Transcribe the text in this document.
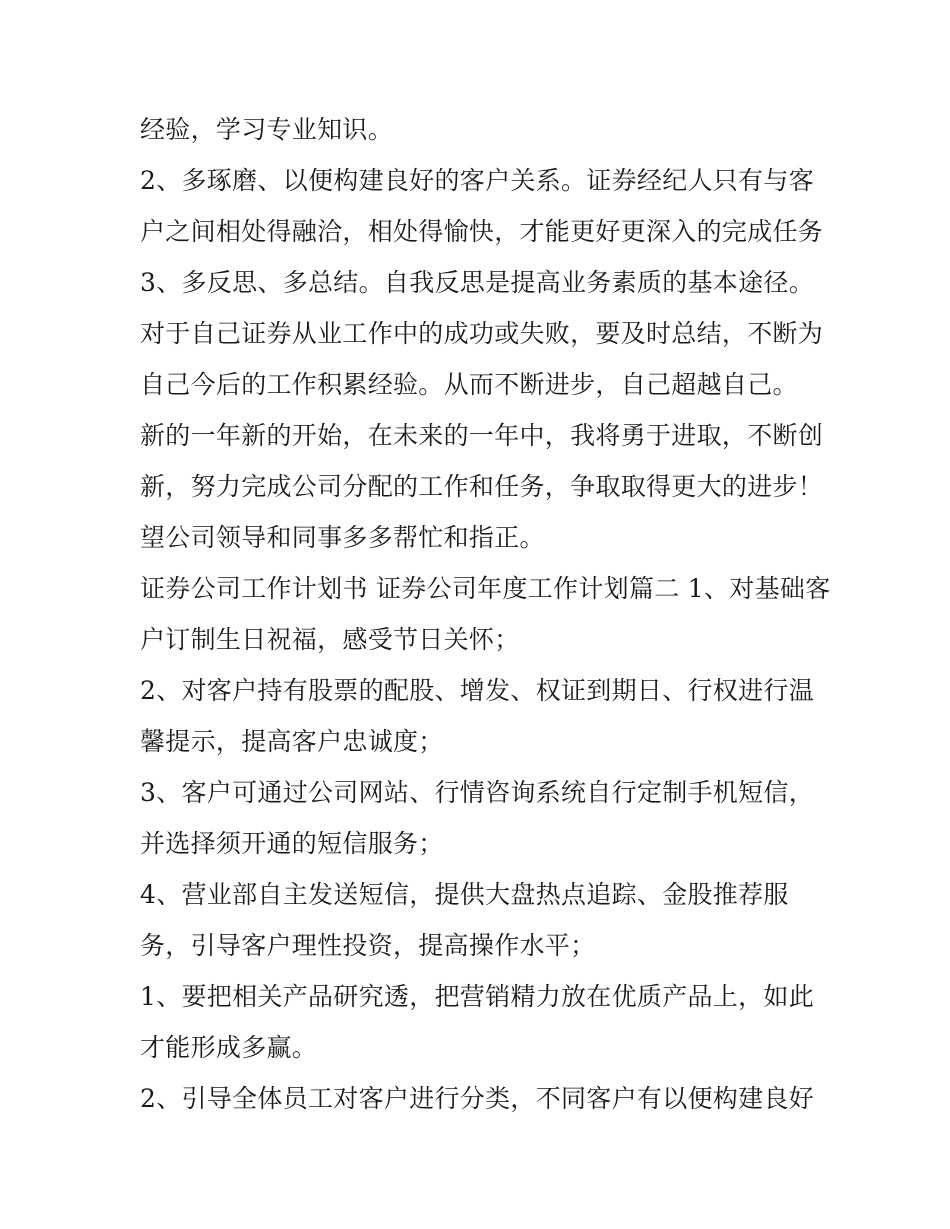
经验，学习专业知识。
2、多琢磨、以便构建良好的客户关系。证券经纪人只有与客
户之间相处得融洽，相处得愉快，才能更好更深入的完成任务
3、多反思、多总结。自我反思是提高业务素质的基本途径。
对于自己证券从业工作中的成功或失败，要及时总结，不断为
自己今后的工作积累经验。从而不断进步，自己超越自己。
新的一年新的开始，在未来的一年中，我将勇于进取，不断创
新，努力完成公司分配的工作和任务，争取取得更大的进步！
望公司领导和同事多多帮忙和指正。
证券公司工作计划书 证券公司年度工作计划篇二 1、对基础客
户订制生日祝福，感受节日关怀；
2、对客户持有股票的配股、增发、权证到期日、行权进行温
馨提示，提高客户忠诚度；
3、客户可通过公司网站、行情咨询系统自行定制手机短信，
并选择须开通的短信服务；
4、营业部自主发送短信，提供大盘热点追踪、金股推荐服
务，引导客户理性投资，提高操作水平；
1、要把相关产品研究透，把营销精力放在优质产品上，如此
才能形成多赢。
2、引导全体员工对客户进行分类，不同客户有以便构建良好
